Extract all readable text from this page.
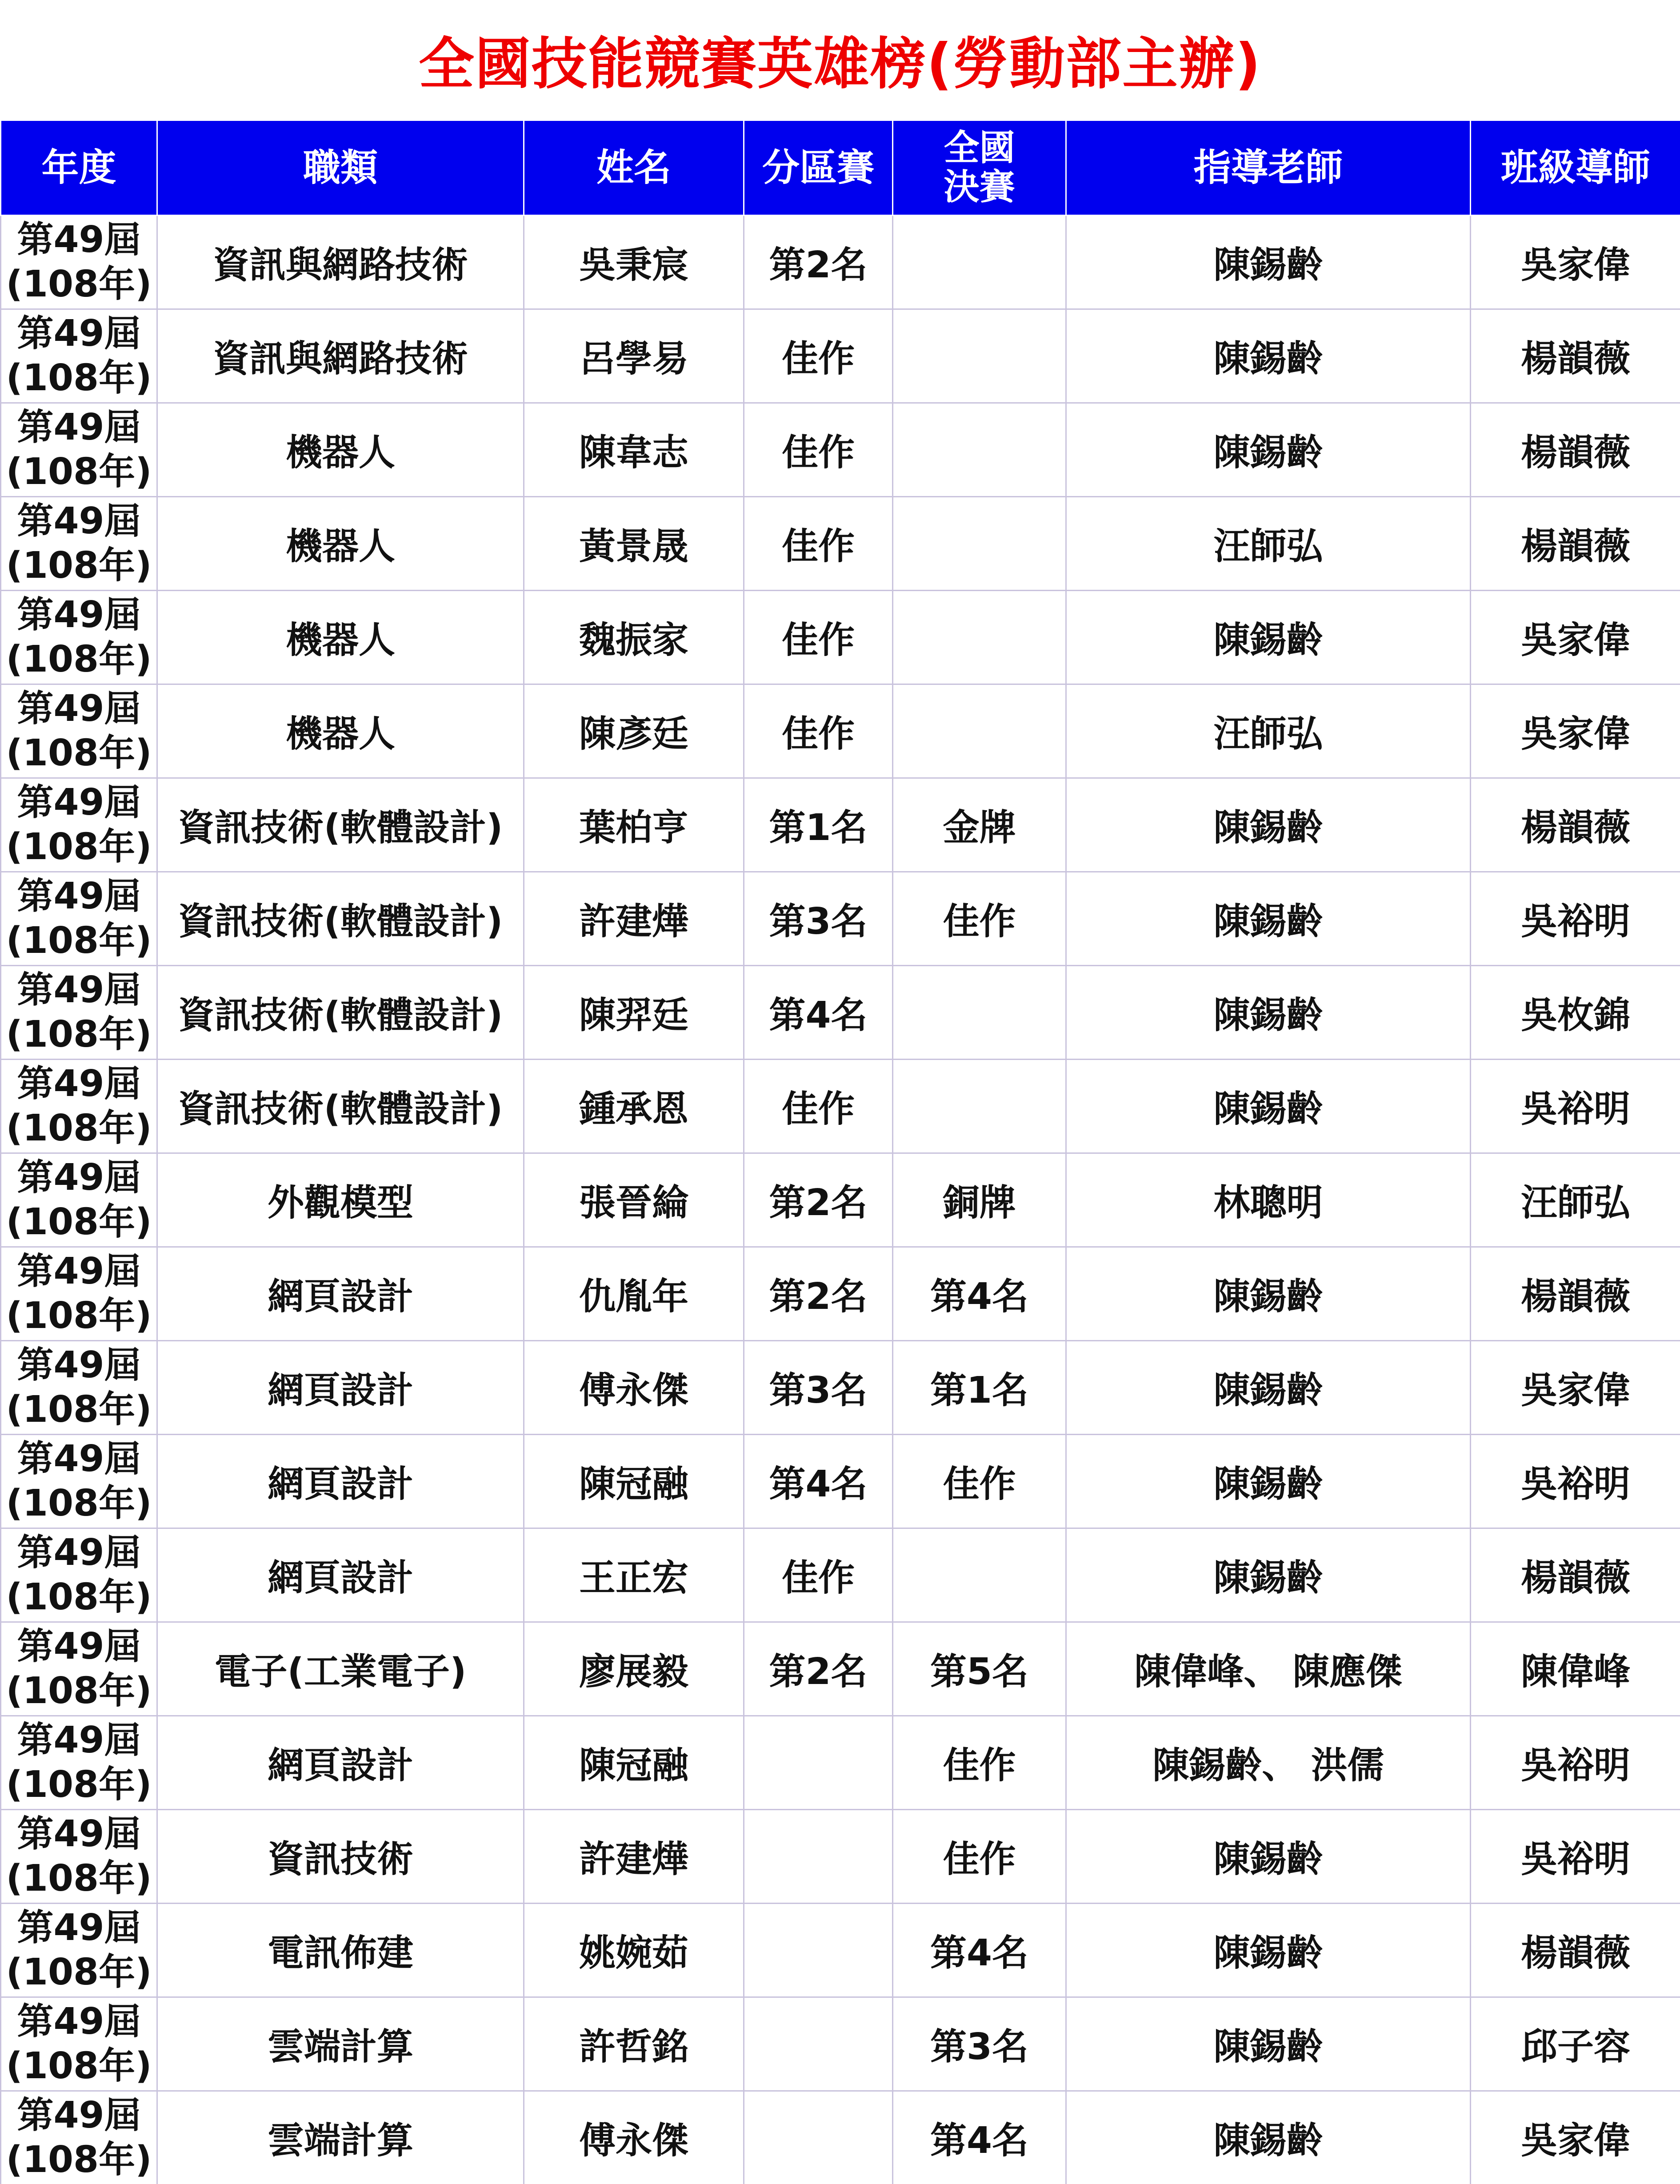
全國技能競賽英雄榜(勞動部主辦)
年度	職類	姓名	分區賽	全國
決賽	指導老師	班級導師

第49屆
(108年)	資訊與網路技術	吳秉宸	第2名		陳錫齡	吳家偉

第49屆
(108年)	資訊與網路技術	呂學易	佳作		陳錫齡	楊韻薇

第49屆
(108年)	機器人	陳韋志	佳作		陳錫齡	楊韻薇

第49屆
(108年)	機器人	黃景晟	佳作		汪師弘	楊韻薇

第49屆
(108年)	機器人	魏振家	佳作		陳錫齡	吳家偉

第49屆
(108年)	機器人	陳彥廷	佳作		汪師弘	吳家偉

第49屆
(108年)	資訊技術(軟體設計)	葉柏亨	第1名	金牌	陳錫齡	楊韻薇

第49屆
(108年)	資訊技術(軟體設計)	許建燁	第3名	佳作	陳錫齡	吳裕明

第49屆
(108年)	資訊技術(軟體設計)	陳羿廷	第4名		陳錫齡	吳枚錦

第49屆
(108年)	資訊技術(軟體設計)	鍾承恩	佳作		陳錫齡	吳裕明

第49屆
(108年)	外觀模型	張晉綸	第2名	銅牌	林聰明	汪師弘

第49屆
(108年)	網頁設計	仇胤年	第2名	第4名	陳錫齡	楊韻薇

第49屆
(108年)	網頁設計	傅永傑	第3名	第1名	陳錫齡	吳家偉

第49屆
(108年)	網頁設計	陳冠融	第4名	佳作	陳錫齡	吳裕明

第49屆
(108年)	網頁設計	王正宏	佳作		陳錫齡	楊韻薇

第49屆
(108年)	電子(工業電子)	廖展毅	第2名	第5名	陳偉峰、 陳應傑	陳偉峰

第49屆
(108年)	網頁設計	陳冠融		佳作	陳錫齡、 洪儒	吳裕明

第49屆
(108年)	資訊技術	許建燁		佳作	陳錫齡	吳裕明

第49屆
(108年)	電訊佈建	姚婉茹		第4名	陳錫齡	楊韻薇

第49屆
(108年)	雲端計算	許哲銘		第3名	陳錫齡	邱子容

第49屆
(108年)	雲端計算	傅永傑		第4名	陳錫齡	吳家偉
